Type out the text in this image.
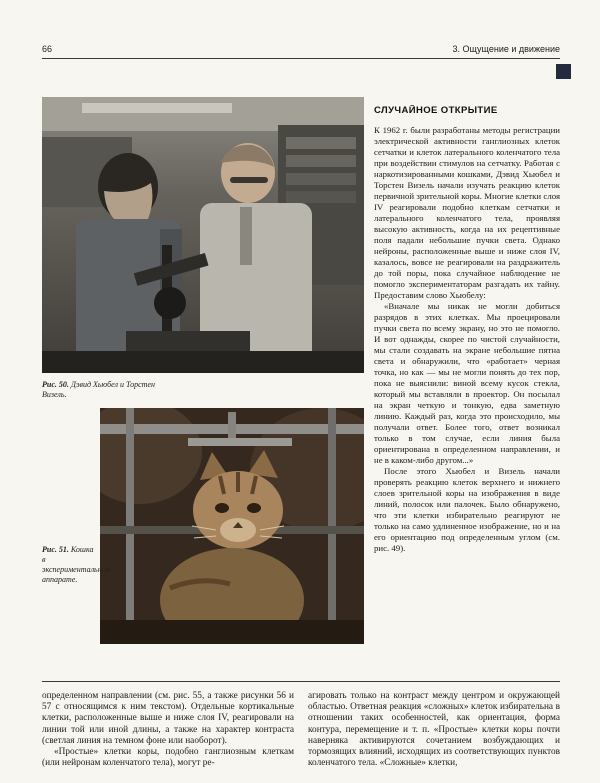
66	3. Ощущение и движение

Рис. 50. Дэвид Хьюбел и Торстен Визель.

Рис. 51. Кошка в экспериментальном аппарате.

СЛУЧАЙНОЕ ОТКРЫТИЕ

К 1962 г. были разработаны методы регистрации электрической активности ганглиозных клеток сетчатки и клеток латерального коленчатого тела при воздействии стимулов на сетчатку. Работая с наркотизированными кошками, Дэвид Хьюбел и Торстен Визель начали изучать реакцию клеток первичной зрительной коры. Многие клетки слоя IV реагировали подобно клеткам сетчатки и латерального коленчатого тела, проявляя высокую активность, когда на их рецептивные поля падали небольшие пучки света. Однако нейроны, расположенные выше и ниже слоя IV, казалось, вовсе не реагировали на раздражитель до той поры, пока случайное наблюдение не помогло экспериментаторам разгадать их тайну. Предоставим слово Хьюбелу:

«Вначале мы никак не могли добиться разрядов в этих клетках. Мы проецировали пучки света по всему экрану, но это не помогло. И вот однажды, скорее по чистой случайности, мы стали создавать на экране небольшие пятна света и обнаружили, что «работает» черная точка, но как — мы не могли понять до тех пор, пока не выяснили: виной всему кусок стекла, который мы вставляли в проектор. Он посылал на экран четкую и тонкую, едва заметную линию. Каждый раз, когда это происходило, мы получали ответ. Более того, ответ возникал только в том случае, если линия была ориентирована в определенном направлении, и не в каком-либо другом...»

После этого Хьюбел и Визель начали проверять реакцию клеток верхнего и нижнего слоев зрительной коры на изображения в виде линий, полосок или палочек. Было обнаружено, что эти клетки избирательно реагируют не только на само удлиненное изображение, но и на его ориентацию под определенным углом (см. рис. 49).

определенном направлении (см. рис. 55, а также рисунки 56 и 57 с относящимся к ним текстом). Отдельные кортикальные клетки, расположенные выше и ниже слоя IV, реагировали на линии той или иной длины, а также на характер контраста (светлая линия на темном фоне или наоборот).

«Простые» клетки коры, подобно ганглиозным клеткам (или нейронам коленчатого тела), могут ре-

агировать только на контраст между центром и окружающей областью. Ответная реакция «сложных» клеток избирательна в отношении таких особенностей, как ориентация, форма контура, перемещение и т. п. «Простые» клетки коры почти наверняка активируются сочетанием возбуждающих и тормозящих влияний, исходящих из соответствующих пунктов коленчатого тела. «Сложные» клетки,
